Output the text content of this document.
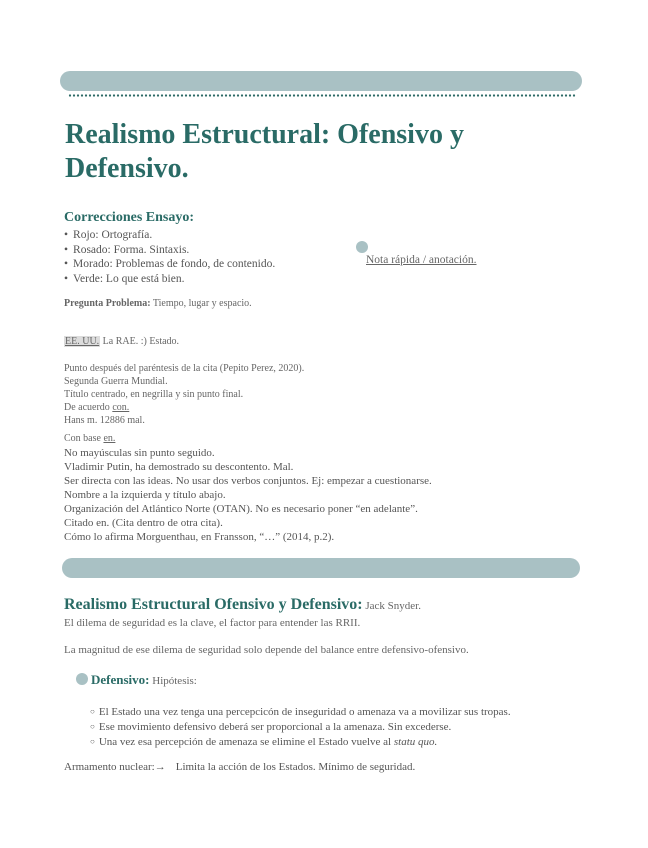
Realismo Estructural: Ofensivo y Defensivo.
Correcciones Ensayo:
• Rojo: Ortografía.
• Rosado: Forma. Sintaxis.
• Morado: Problemas de fondo, de contenido.
• Verde: Lo que está bien.
Nota rápida / anotación.
Pregunta Problema: Tiempo, lugar y espacio.
EE. UU. La RAE. :) Estado.
Punto después del paréntesis de la cita (Pepito Perez, 2020).
Segunda Guerra Mundial.
Título centrado, en negrilla y sin punto final.
De acuerdo con.
Hans m. 12886 mal.
Con base en.
No mayúsculas sin punto seguido.
Vladimir Putin, ha demostrado su descontento. Mal.
Ser directa con las ideas. No usar dos verbos conjuntos. Ej: empezar a cuestionarse.
Nombre a la izquierda y título abajo.
Organización del Atlántico Norte (OTAN). No es necesario poner “en adelante”.
Citado en. (Cita dentro de otra cita).
Cómo lo afirma Morguenthau, en Fransson, “…” (2014, p.2).
Realismo Estructural Ofensivo y Defensivo: Jack Snyder.
El dilema de seguridad es la clave, el factor para entender las RRII.
La magnitud de ese dilema de seguridad solo depende del balance entre defensivo-ofensivo.
Defensivo: Hipótesis:
○ El Estado una vez tenga una percepcicón de inseguridad o amenaza va a movilizar sus tropas.
○ Ese movimiento defensivo deberá ser proporcional a la amenaza. Sin excederse.
○ Una vez esa percepción de amenaza se elimine el Estado vuelve al statu quo.
Armamento nuclear:→ Limita la acción de los Estados. Mínimo de seguridad.
